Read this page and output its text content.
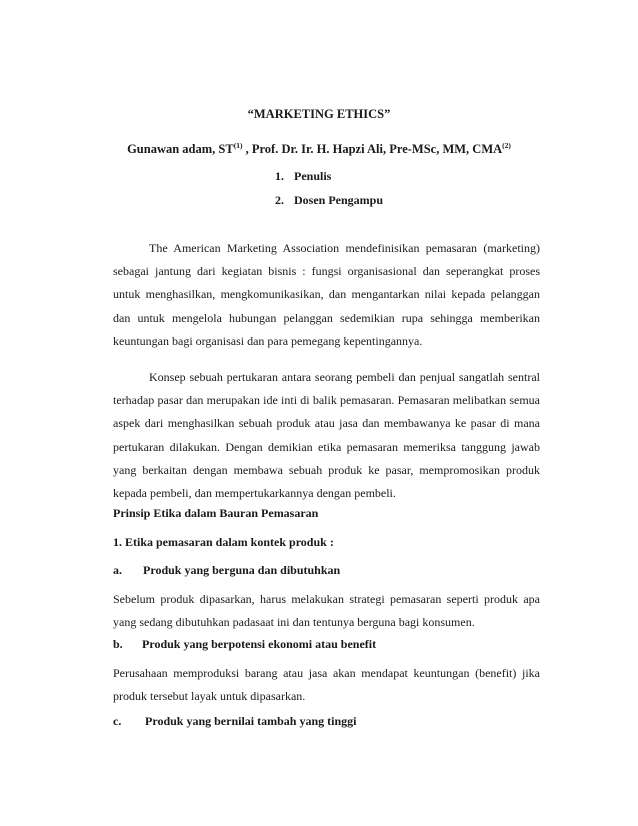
“MARKETING ETHICS”
Gunawan adam, ST$^{(1)}$ , Prof. Dr. Ir. H. Hapzi Ali, Pre-MSc, MM, CMA$^{(2)}$
1. Penulis
2. Dosen Pengampu

The American Marketing Association mendefinisikan pemasaran (marketing) sebagai jantung dari kegiatan bisnis : fungsi organisasional dan seperangkat proses untuk menghasilkan, mengkomunikasikan, dan mengantarkan nilai kepada pelanggan dan untuk mengelola hubungan pelanggan sedemikian rupa sehingga memberikan keuntungan bagi organisasi dan para pemegang kepentingannya.

Konsep sebuah pertukaran antara seorang pembeli dan penjual sangatlah sentral terhadap pasar dan merupakan ide inti di balik pemasaran. Pemasaran melibatkan semua aspek dari menghasilkan sebuah produk atau jasa dan membawanya ke pasar di mana pertukaran dilakukan. Dengan demikian etika pemasaran memeriksa tanggung jawab yang berkaitan dengan membawa sebuah produk ke pasar, mempromosikan produk kepada pembeli, dan mempertukarkannya dengan pembeli.

Prinsip Etika dalam Bauran Pemasaran
1. Etika pemasaran dalam kontek produk :
a. Produk yang berguna dan dibutuhkan

Sebelum produk dipasarkan, harus melakukan strategi pemasaran seperti produk apa yang sedang dibutuhkan padasaat ini dan tentunya berguna bagi konsumen.

b. Produk yang berpotensi ekonomi atau benefit

Perusahaan memproduksi barang atau jasa akan mendapat keuntungan (benefit) jika produk tersebut layak untuk dipasarkan.

c. Produk yang bernilai tambah yang tinggi
